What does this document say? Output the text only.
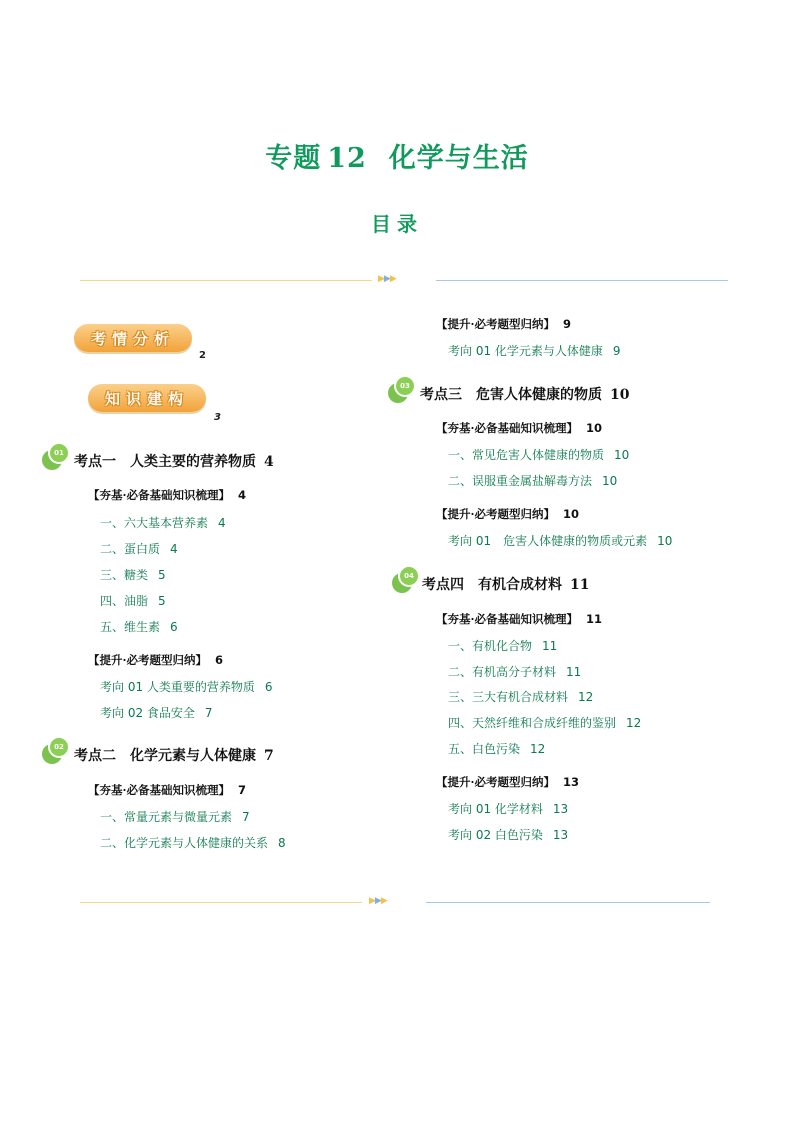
专题 12 化学与生活
目录
▶▶▶
考情分析
2
知识建构
3
01
考点一　人类主要的营养物质 4
【夯基·必备基础知识梳理】 4
一、六大基本营养素 4
二、蛋白质 4
三、糖类 5
四、油脂 5
五、维生素 6
【提升·必考题型归纳】 6
考向 01 人类重要的营养物质 6
考向 02 食品安全 7
02
考点二　化学元素与人体健康 7
【夯基·必备基础知识梳理】 7
一、常量元素与微量元素 7
二、化学元素与人体健康的关系 8
【提升·必考题型归纳】 9
考向 01 化学元素与人体健康 9
03
考点三　危害人体健康的物质 10
【夯基·必备基础知识梳理】 10
一、常见危害人体健康的物质 10
二、误服重金属盐解毒方法 10
【提升·必考题型归纳】 10
考向 01　危害人体健康的物质或元素 10
04
考点四　有机合成材料 11
【夯基·必备基础知识梳理】 11
一、有机化合物 11
二、有机高分子材料 11
三、三大有机合成材料 12
四、天然纤维和合成纤维的鉴别 12
五、白色污染 12
【提升·必考题型归纳】 13
考向 01 化学材料 13
考向 02 白色污染 13
▶▶▶
